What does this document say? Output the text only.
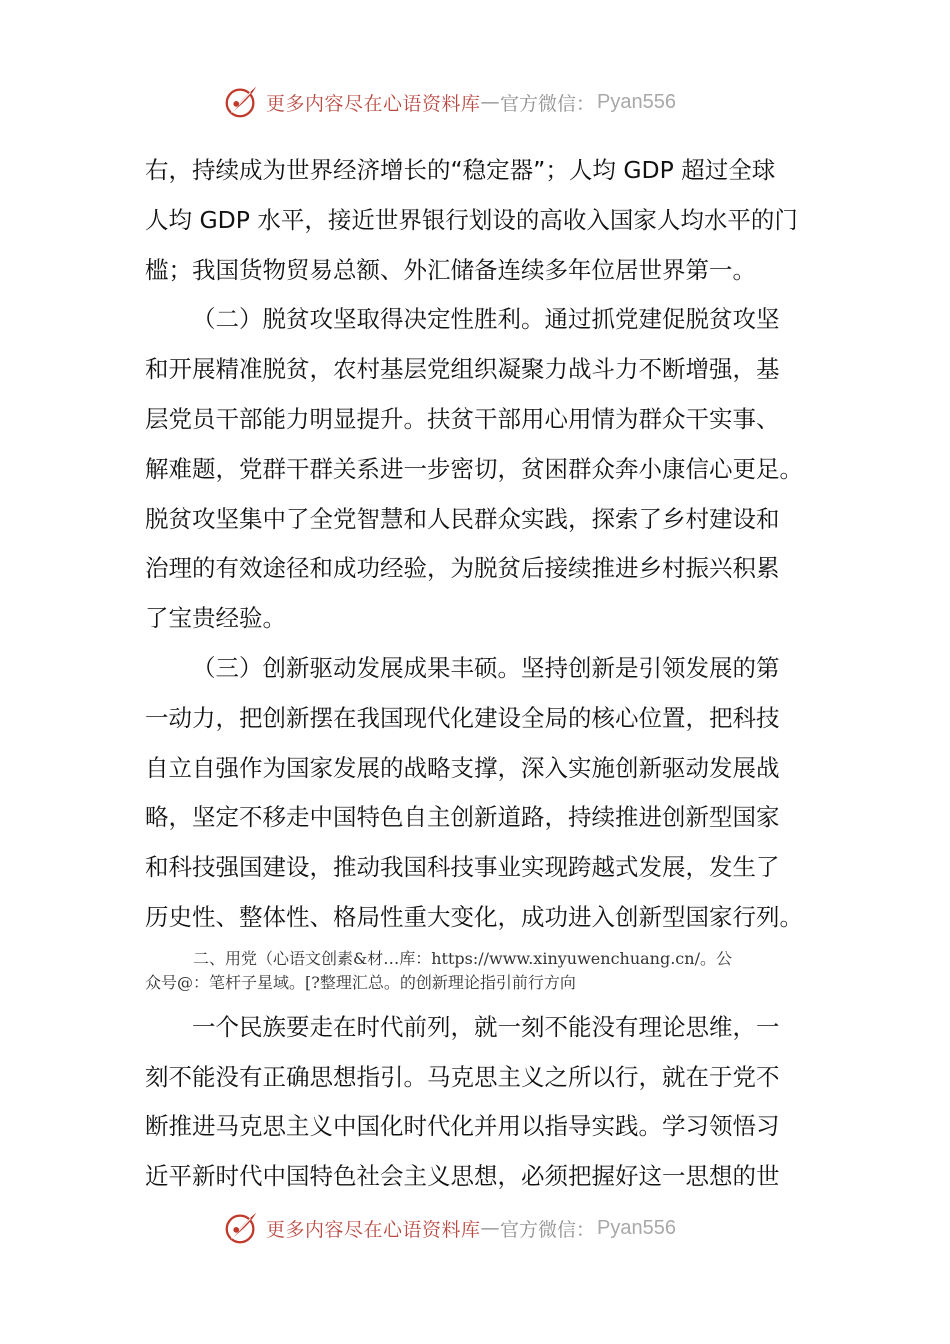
更多内容尽在心语资料库 — 官方微信： Pyan556
右，持续成为世界经济增长的“稳定器”；人均 GDP 超过全球
人均 GDP 水平，接近世界银行划设的高收入国家人均水平的门
槛；我国货物贸易总额、外汇储备连续多年位居世界第一。
（二）脱贫攻坚取得决定性胜利。通过抓党建促脱贫攻坚
和开展精准脱贫，农村基层党组织凝聚力战斗力不断增强，基
层党员干部能力明显提升。扶贫干部用心用情为群众干实事、
解难题，党群干群关系进一步密切，贫困群众奔小康信心更足。
脱贫攻坚集中了全党智慧和人民群众实践，探索了乡村建设和
治理的有效途径和成功经验，为脱贫后接续推进乡村振兴积累
了宝贵经验。
（三）创新驱动发展成果丰硕。坚持创新是引领发展的第
一动力，把创新摆在我国现代化建设全局的核心位置，把科技
自立自强作为国家发展的战略支撑，深入实施创新驱动发展战
略，坚定不移走中国特色自主创新道路，持续推进创新型国家
和科技强国建设，推动我国科技事业实现跨越式发展，发生了
历史性、整体性、格局性重大变化，成功进入创新型国家行列。
二、用党（心语文创素&材…库：https://www.xinyuwenchuang.cn/。公
众号@：笔杆子星域。[?整理汇总。的创新理论指引前行方向
一个民族要走在时代前列，就一刻不能没有理论思维，一
刻不能没有正确思想指引。马克思主义之所以行，就在于党不
断推进马克思主义中国化时代化并用以指导实践。学习领悟习
近平新时代中国特色社会主义思想，必须把握好这一思想的世
更多内容尽在心语资料库 — 官方微信： Pyan556
